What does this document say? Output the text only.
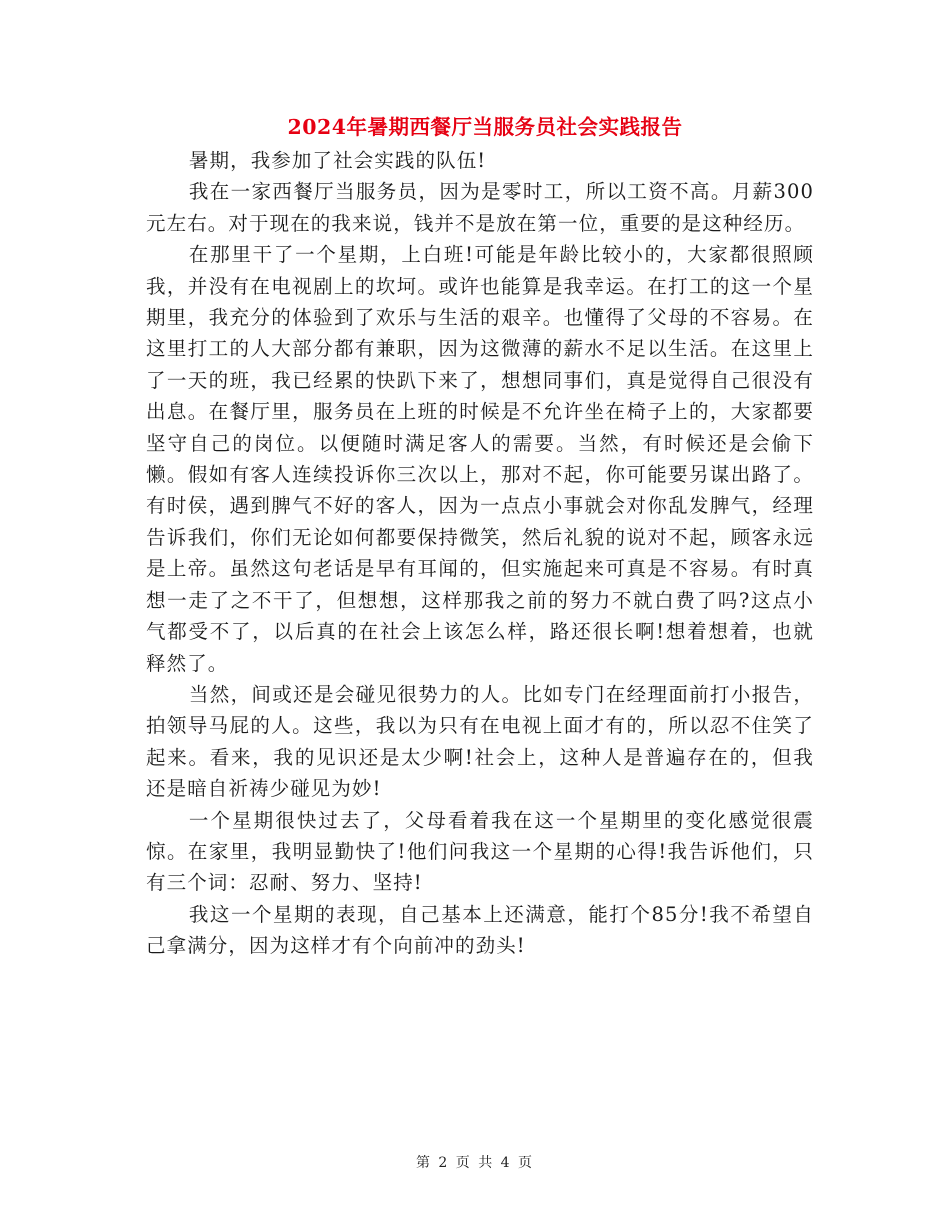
2024年暑期西餐厅当服务员社会实践报告

暑期，我参加了社会实践的队伍!

我在一家西餐厅当服务员，因为是零时工，所以工资不高。月薪300元左右。对于现在的我来说，钱并不是放在第一位，重要的是这种经历。

在那里干了一个星期，上白班!可能是年龄比较小的，大家都很照顾我，并没有在电视剧上的坎坷。或许也能算是我幸运。在打工的这一个星期里，我充分的体验到了欢乐与生活的艰辛。也懂得了父母的不容易。在这里打工的人大部分都有兼职，因为这微薄的薪水不足以生活。在这里上了一天的班，我已经累的快趴下来了，想想同事们，真是觉得自己很没有出息。在餐厅里，服务员在上班的时候是不允许坐在椅子上的，大家都要坚守自己的岗位。以便随时满足客人的需要。当然，有时候还是会偷下懒。假如有客人连续投诉你三次以上，那对不起，你可能要另谋出路了。有时侯，遇到脾气不好的客人，因为一点点小事就会对你乱发脾气，经理告诉我们，你们无论如何都要保持微笑，然后礼貌的说对不起，顾客永远是上帝。虽然这句老话是早有耳闻的，但实施起来可真是不容易。有时真想一走了之不干了，但想想，这样那我之前的努力不就白费了吗?这点小气都受不了，以后真的在社会上该怎么样，路还很长啊!想着想着，也就释然了。

当然，间或还是会碰见很势力的人。比如专门在经理面前打小报告，拍领导马屁的人。这些，我以为只有在电视上面才有的，所以忍不住笑了起来。看来，我的见识还是太少啊!社会上，这种人是普遍存在的，但我还是暗自祈祷少碰见为妙!

一个星期很快过去了，父母看着我在这一个星期里的变化感觉很震惊。在家里，我明显勤快了!他们问我这一个星期的心得!我告诉他们，只有三个词：忍耐、努力、坚持!

我这一个星期的表现，自己基本上还满意，能打个85分!我不希望自己拿满分，因为这样才有个向前冲的劲头!

第 2 页 共 4 页
